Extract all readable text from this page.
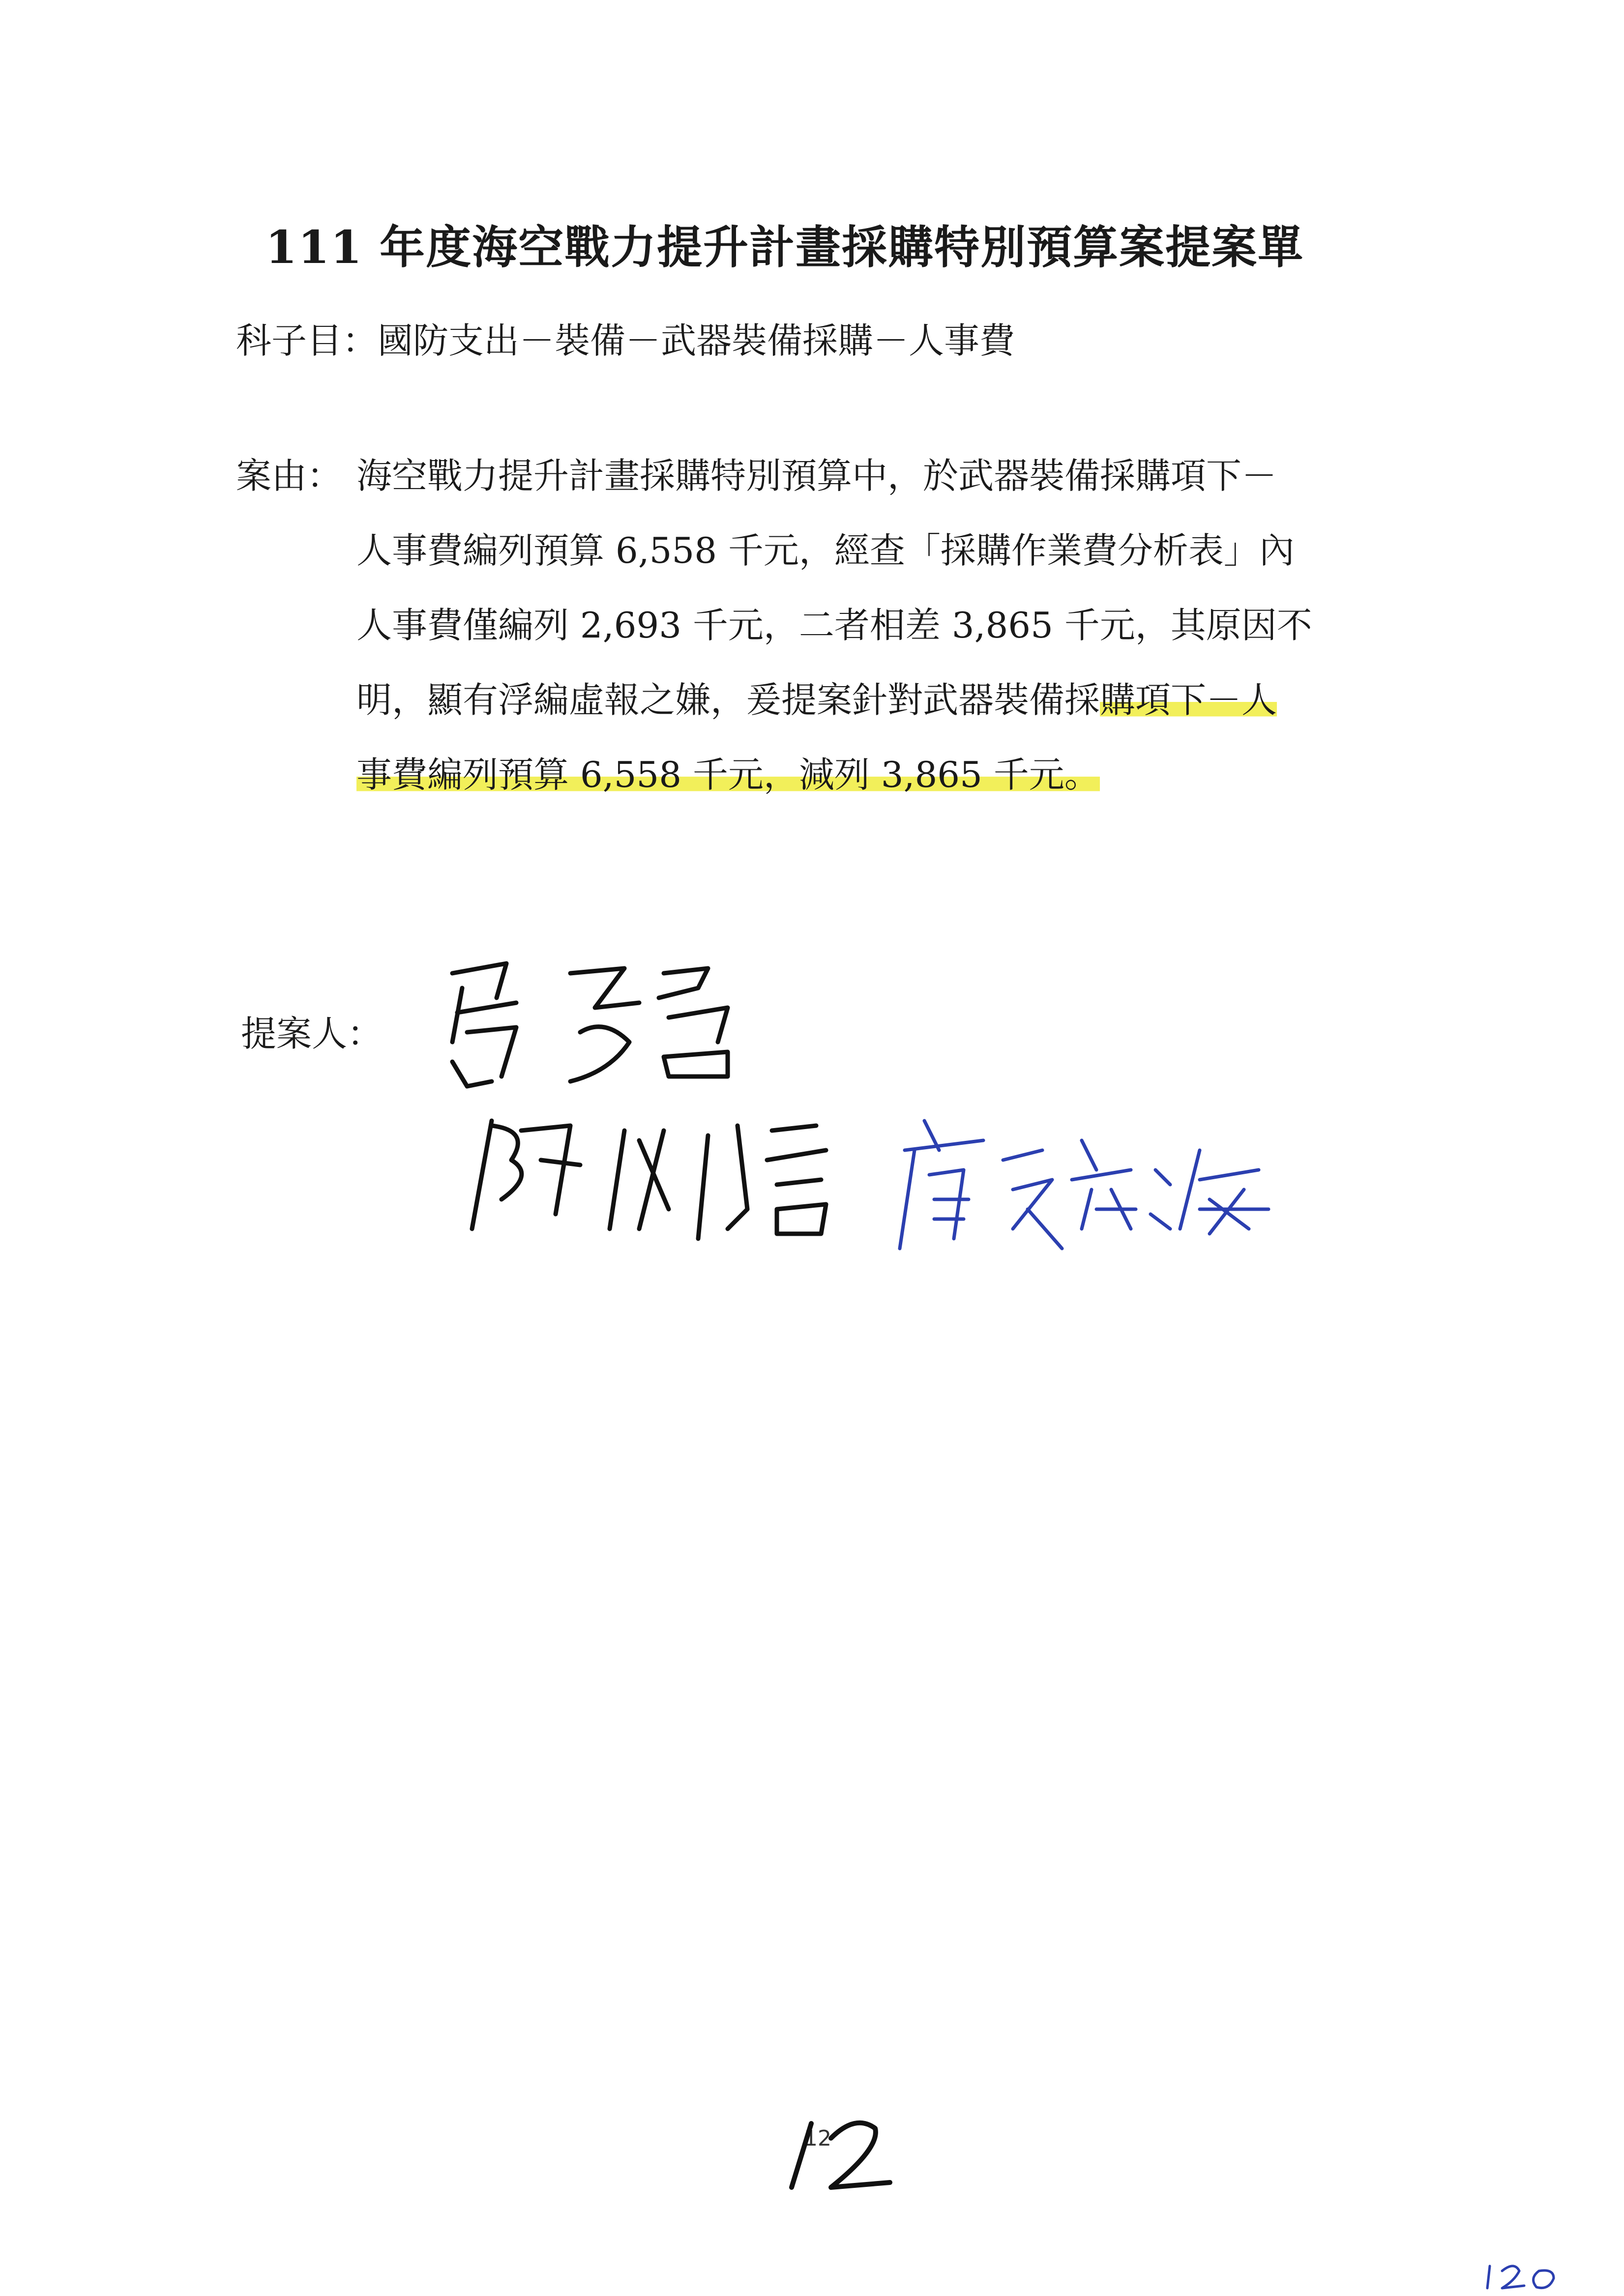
111 年度海空戰力提升計畫採購特別預算案提案單
科子目：國防支出－裝備－武器裝備採購－人事費
案由： 海空戰力提升計畫採購特別預算中，於武器裝備採購項下－
人事費編列預算 6,558 千元，經查「採購作業費分析表」內
人事費僅編列 2,693 千元，二者相差 3,865 千元，其原因不
明，顯有浮編虛報之嫌，爰提案針對武器裝備採購項下－人
事費編列預算 6,558 千元，減列 3,865 千元。
提案人：
12
